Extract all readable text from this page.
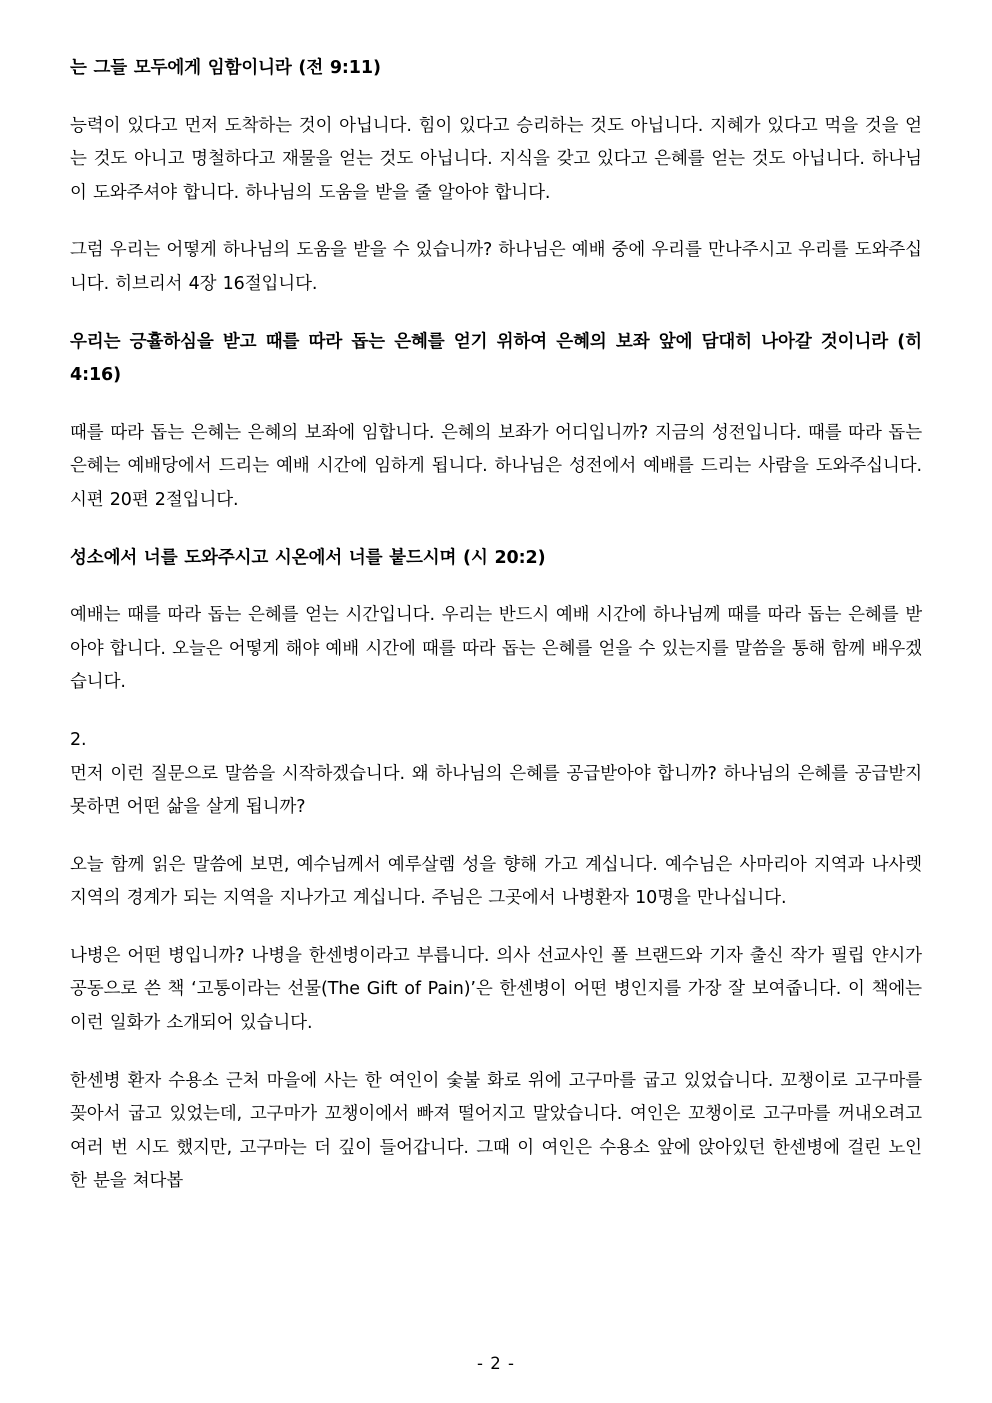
는 그들 모두에게 임함이니라 (전 9:11)

능력이 있다고 먼저 도착하는 것이 아닙니다. 힘이 있다고 승리하는 것도 아닙니다. 지혜가 있다고 먹을 것을 얻는 것도 아니고 명철하다고 재물을 얻는 것도 아닙니다. 지식을 갖고 있다고 은혜를 얻는 것도 아닙니다. 하나님이 도와주셔야 합니다. 하나님의 도움을 받을 줄 알아야 합니다.

그럼 우리는 어떻게 하나님의 도움을 받을 수 있습니까? 하나님은 예배 중에 우리를 만나주시고 우리를 도와주십니다. 히브리서 4장 16절입니다.

우리는 긍휼하심을 받고 때를 따라 돕는 은혜를 얻기 위하여 은혜의 보좌 앞에 담대히 나아갈 것이니라 (히 4:16)

때를 따라 돕는 은혜는 은혜의 보좌에 임합니다. 은혜의 보좌가 어디입니까? 지금의 성전입니다. 때를 따라 돕는 은혜는 예배당에서 드리는 예배 시간에 임하게 됩니다. 하나님은 성전에서 예배를 드리는 사람을 도와주십니다. 시편 20편 2절입니다.

성소에서 너를 도와주시고 시온에서 너를 붙드시며 (시 20:2)

예배는 때를 따라 돕는 은혜를 얻는 시간입니다. 우리는 반드시 예배 시간에 하나님께 때를 따라 돕는 은혜를 받아야 합니다. 오늘은 어떻게 해야 예배 시간에 때를 따라 돕는 은혜를 얻을 수 있는지를 말씀을 통해 함께 배우겠습니다.

2.

먼저 이런 질문으로 말씀을 시작하겠습니다. 왜 하나님의 은혜를 공급받아야 합니까? 하나님의 은혜를 공급받지 못하면 어떤 삶을 살게 됩니까?

오늘 함께 읽은 말씀에 보면, 예수님께서 예루살렘 성을 향해 가고 계십니다. 예수님은 사마리아 지역과 나사렛 지역의 경계가 되는 지역을 지나가고 계십니다. 주님은 그곳에서 나병환자 10명을 만나십니다.

나병은 어떤 병입니까? 나병을 한센병이라고 부릅니다. 의사 선교사인 폴 브랜드와 기자 출신 작가 필립 얀시가 공동으로 쓴 책 ‘고통이라는 선물(The Gift of Pain)’은 한센병이 어떤 병인지를 가장 잘 보여줍니다. 이 책에는 이런 일화가 소개되어 있습니다.

한센병 환자 수용소 근처 마을에 사는 한 여인이 숯불 화로 위에 고구마를 굽고 있었습니다. 꼬챙이로 고구마를 꽂아서 굽고 있었는데, 고구마가 꼬챙이에서 빠져 떨어지고 말았습니다. 여인은 꼬챙이로 고구마를 꺼내오려고 여러 번 시도 했지만, 고구마는 더 깊이 들어갑니다. 그때 이 여인은 수용소 앞에 앉아있던 한센병에 걸린 노인 한 분을 쳐다봅

- 2 -
